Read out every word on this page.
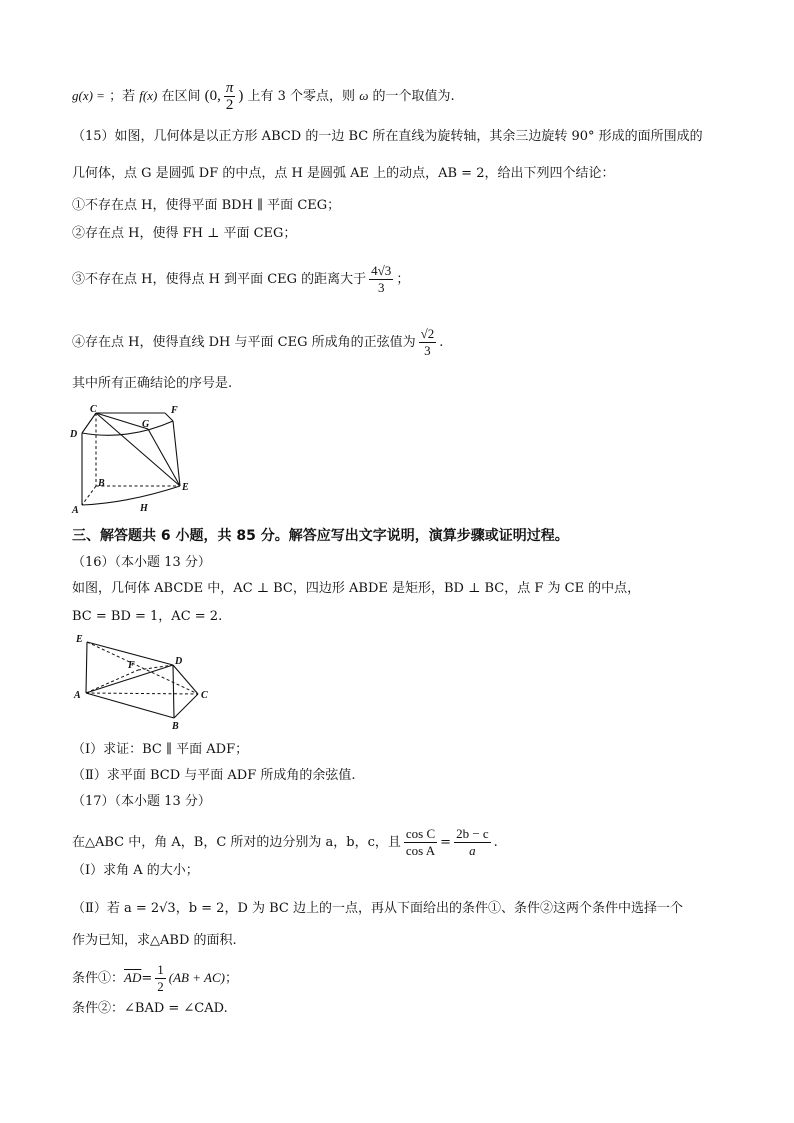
g(x) = ；若 f(x) 在区间 (0, $\frac{\pi}{2}$ ) 上有 3 个零点，则 ω 的一个取值为.
（15）如图，几何体是以正方形 ABCD 的一边 BC 所在直线为旋转轴，其余三边旋转 90° 形成的面所围成的
几何体，点 G 是圆弧 DF 的中点，点 H 是圆弧 AE 上的动点，AB = 2，给出下列四个结论：
①不存在点 H，使得平面 BDH ∥ 平面 CEG；
②存在点 H，使得 FH ⊥ 平面 CEG；
③不存在点 H，使得点 H 到平面 CEG 的距离大于 $\frac{4√3}{3}$ ；
④存在点 H，使得直线 DH 与平面 CEG 所成角的正弦值为 $\frac{√2}{3}$ .
其中所有正确结论的序号是.
C	F
D
G
B	E
A	H
三、解答题共 6 小题，共 85 分。解答应写出文字说明，演算步骤或证明过程。
（16）（本小题 13 分）
如图，几何体 ABCDE 中，AC ⊥ BC，四边形 ABDE 是矩形，BD ⊥ BC，点 F 为 CE 的中点，
BC = BD = 1，AC = 2.
E
D
F
A	C
B
（Ⅰ）求证：BC ∥ 平面 ADF；
（Ⅱ）求平面 BCD 与平面 ADF 所成角的余弦值.
（17）（本小题 13 分）
在△ABC 中，角 A，B，C 所对的边分别为 a，b，c，且 $\frac{\text{cos C}}{\text{cos A}} = \frac{2b - c}{a}$ .
（Ⅰ）求角 A 的大小；
（Ⅱ）若 a = 2√3，b = 2，D 为 BC 边上的一点，再从下面给出的条件①、条件②这两个条件中选择一个
作为已知，求△ABD 的面积.
条件①：$\overline{AD}= \frac{1}{2} (AB + AC)$；
条件②：∠BAD = ∠CAD.
